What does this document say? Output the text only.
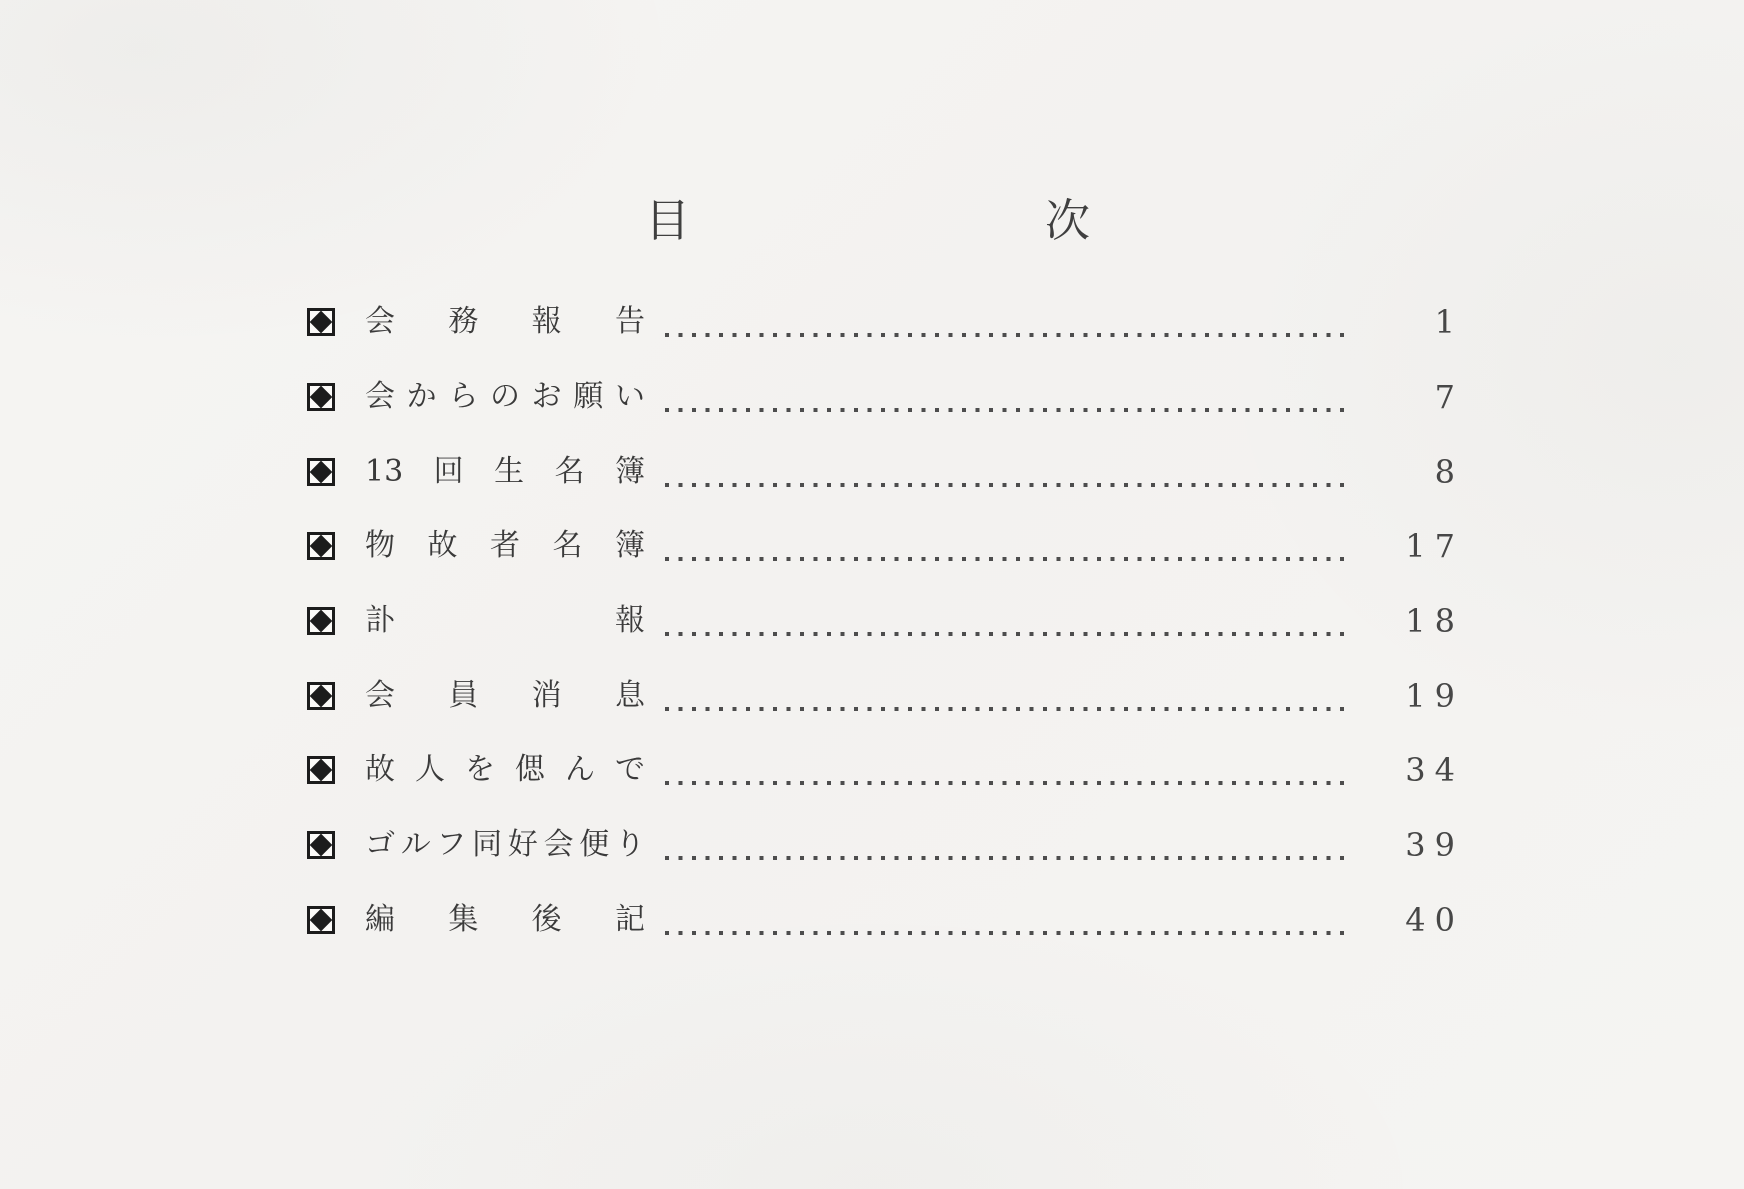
目	次
会務報告	1
会からのお願い	7
13回生名簿	8
物故者名簿	17
訃報	18
会員消息	19
故人を偲んで	34
ゴルフ同好会便り	39
編集後記	40
